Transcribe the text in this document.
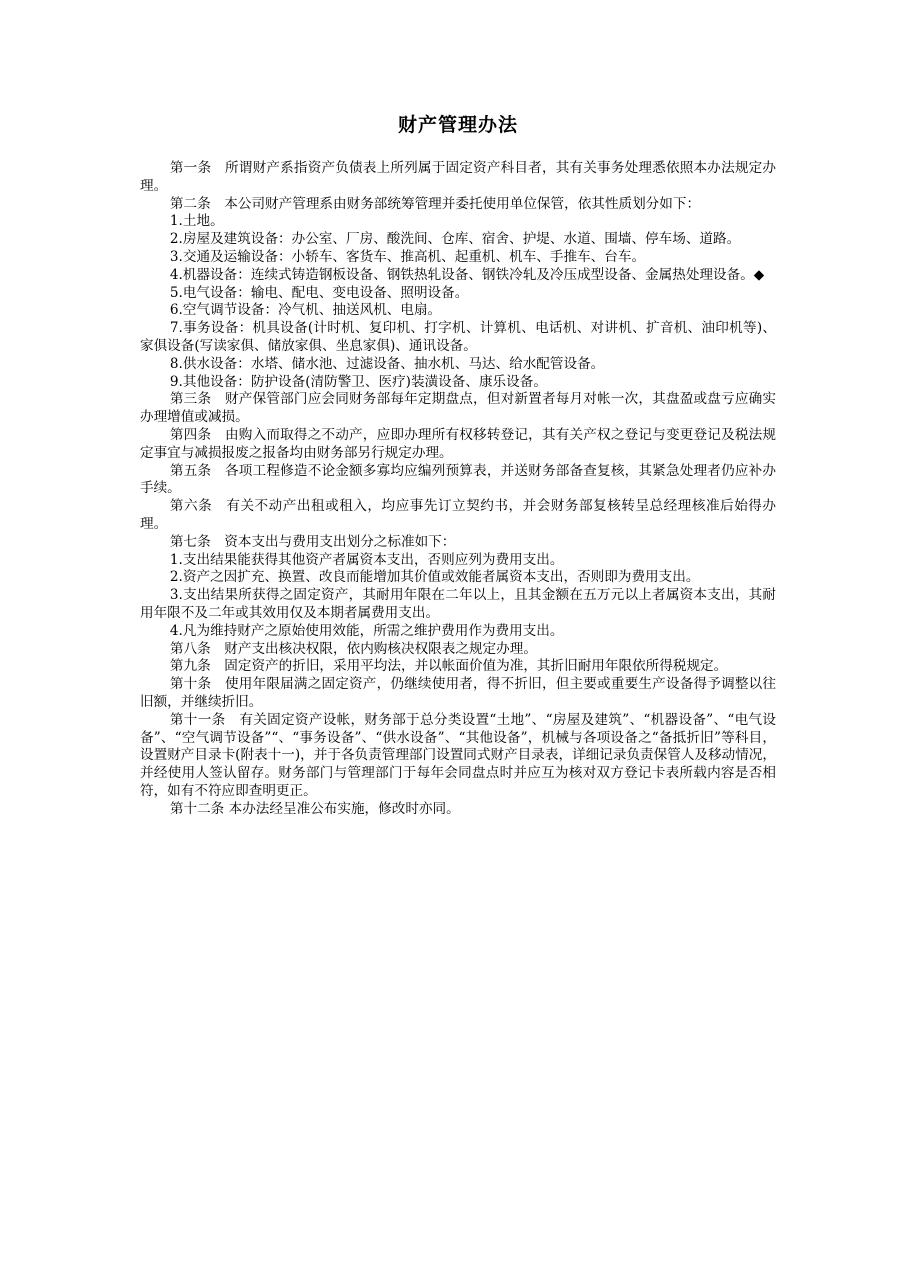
财产管理办法

第一条　所谓财产系指资产负债表上所列属于固定资产科目者，其有关事务处理悉依照本办法规定办理。

第二条　本公司财产管理系由财务部统筹管理并委托使用单位保管，依其性质划分如下：

1.土地。

2.房屋及建筑设备：办公室、厂房、酸洗间、仓库、宿舍、护堤、水道、围墙、停车场、道路。

3.交通及运输设备：小轿车、客货车、推高机、起重机、机车、手推车、台车。

4.机器设备：连续式铸造钢板设备、钢铁热轧设备、钢铁冷轧及冷压成型设备、金属热处理设备。◆

5.电气设备：输电、配电、变电设备、照明设备。

6.空气调节设备：冷气机、抽送风机、电扇。

7.事务设备：机具设备(计时机、复印机、打字机、计算机、电话机、对讲机、扩音机、油印机等)、家俱设备(写读家俱、储放家俱、坐息家俱)、通讯设备。

8.供水设备：水塔、储水池、过滤设备、抽水机、马达、给水配管设备。

9.其他设备：防护设备(清防警卫、医疗)装潢设备、康乐设备。

第三条　财产保管部门应会同财务部每年定期盘点，但对新置者每月对帐一次，其盘盈或盘亏应确实办理增值或减损。

第四条　由购入而取得之不动产，应即办理所有权移转登记，其有关产权之登记与变更登记及税法规定事宜与减损报废之报备均由财务部另行规定办理。

第五条　各项工程修造不论金额多寡均应编列预算表，并送财务部备查复核，其紧急处理者仍应补办手续。

第六条　有关不动产出租或租入，均应事先订立契约书，并会财务部复核转呈总经理核准后始得办理。

第七条　资本支出与费用支出划分之标准如下：

1.支出结果能获得其他资产者属资本支出，否则应列为费用支出。

2.资产之因扩充、换置、改良而能增加其价值或效能者属资本支出，否则即为费用支出。

3.支出结果所获得之固定资产，其耐用年限在二年以上，且其金额在五万元以上者属资本支出，其耐用年限不及二年或其效用仅及本期者属费用支出。

4.凡为维持财产之原始使用效能，所需之维护费用作为费用支出。

第八条　财产支出核决权限，依内购核决权限表之规定办理。

第九条　固定资产的折旧，采用平均法，并以帐面价值为准，其折旧耐用年限依所得税规定。

第十条　使用年限届满之固定资产，仍继续使用者，得不折旧，但主要或重要生产设备得予调整以往旧额，并继续折旧。

第十一条　有关固定资产设帐，财务部于总分类设置“土地”、“房屋及建筑”、“机器设备”、“电气设备”、“空气调节设备”“、“事务设备”、“供水设备”、“其他设备”，机械与各项设备之“备抵折旧”等科目，设置财产目录卡(附表十一)，并于各负责管理部门设置同式财产目录表，详细记录负责保管人及移动情况，并经使用人签认留存。财务部门与管理部门于每年会同盘点时并应互为核对双方登记卡表所载内容是否相符，如有不符应即查明更正。

第十二条 本办法经呈准公布实施，修改时亦同。
